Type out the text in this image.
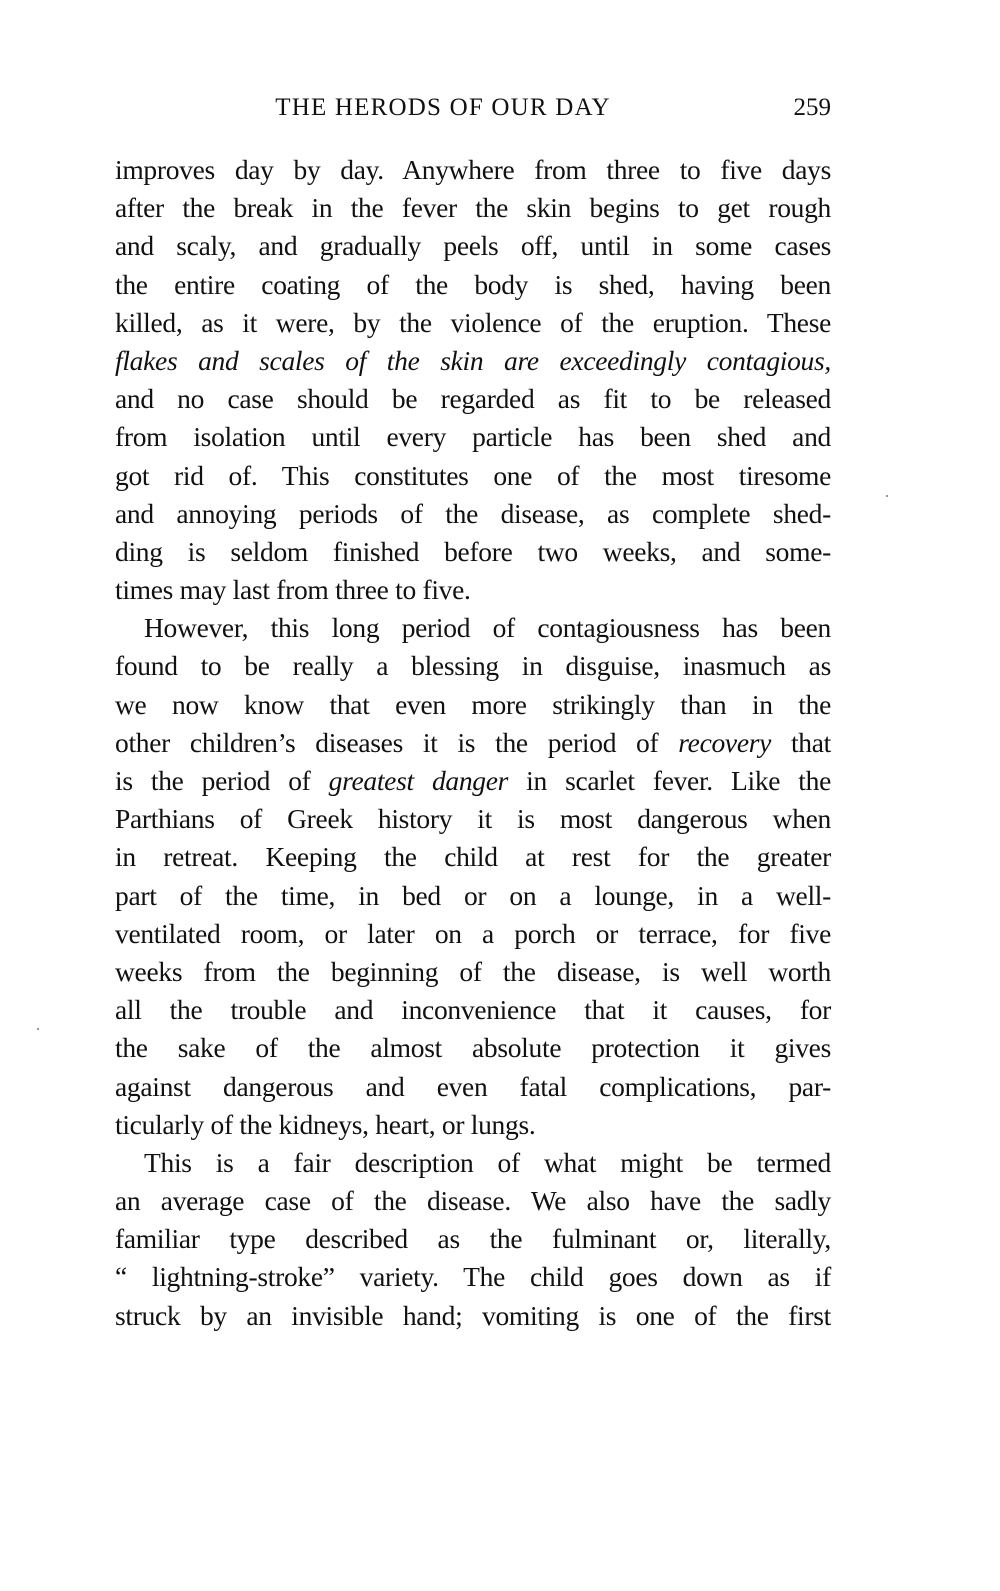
THE HERODS OF OUR DAY	259
improves day by day. Anywhere from three to five days
after the break in the fever the skin begins to get rough
and scaly, and gradually peels off, until in some cases
the entire coating of the body is shed, having been
killed, as it were, by the violence of the eruption. These
flakes and scales of the skin are exceedingly contagious,
and no case should be regarded as fit to be released
from isolation until every particle has been shed and
got rid of. This constitutes one of the most tiresome
and annoying periods of the disease, as complete shed-
ding is seldom finished before two weeks, and some-
times may last from three to five.
However, this long period of contagiousness has been
found to be really a blessing in disguise, inasmuch as
we now know that even more strikingly than in the
other children’s diseases it is the period of recovery that
is the period of greatest danger in scarlet fever. Like the
Parthians of Greek history it is most dangerous when
in retreat. Keeping the child at rest for the greater
part of the time, in bed or on a lounge, in a well-
ventilated room, or later on a porch or terrace, for five
weeks from the beginning of the disease, is well worth
all the trouble and inconvenience that it causes, for
the sake of the almost absolute protection it gives
against dangerous and even fatal complications, par-
ticularly of the kidneys, heart, or lungs.
This is a fair description of what might be termed
an average case of the disease. We also have the sadly
familiar type described as the fulminant or, literally,
“ lightning-stroke” variety. The child goes down as if
struck by an invisible hand; vomiting is one of the first
